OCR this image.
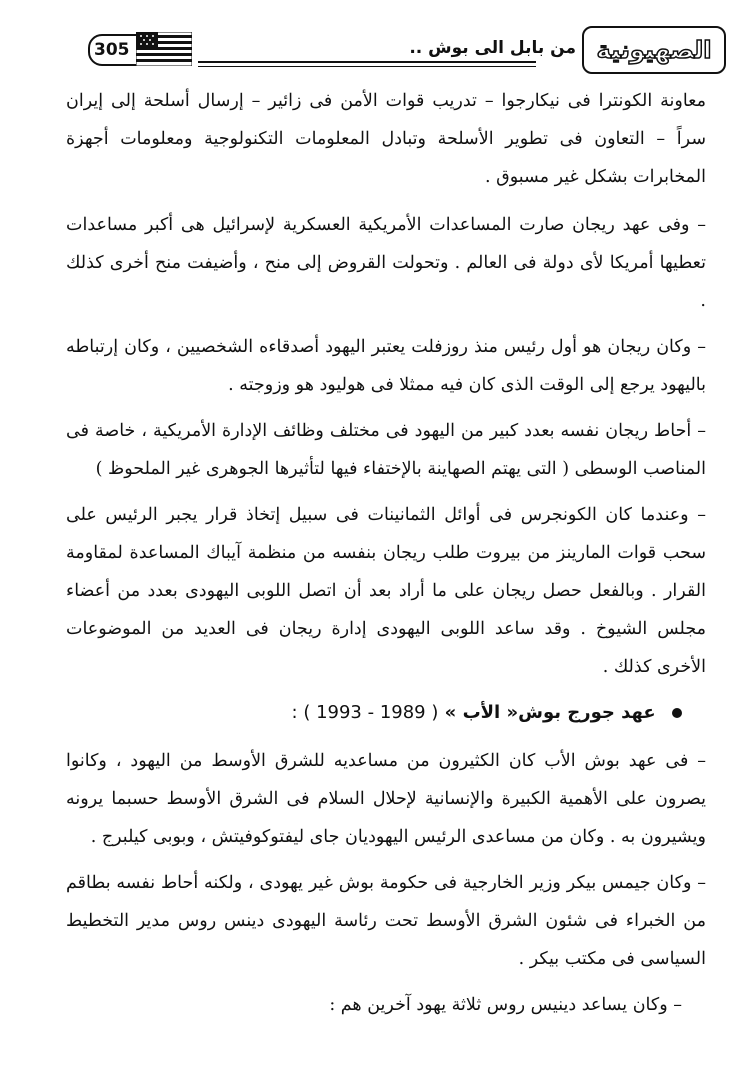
305	من بابل الى بوش .. الصهيونية

معاونة الكونترا فى نيكارجوا – تدريب قوات الأمن فى زائير – إرسال أسلحة إلى إيران سراً – التعاون فى تطوير الأسلحة وتبادل المعلومات التكنولوجية ومعلومات أجهزة المخابرات بشكل غير مسبوق .

– وفى عهد ريجان صارت المساعدات الأمريكية العسكرية لإسرائيل هى أكبر مساعدات تعطيها أمريكا لأى دولة فى العالم . وتحولت القروض إلى منح ، وأضيفت منح أخرى كذلك .

– وكان ريجان هو أول رئيس منذ روزفلت يعتبر اليهود أصدقاءه الشخصيين ، وكان إرتباطه باليهود يرجع إلى الوقت الذى كان فيه ممثلا فى هوليود هو وزوجته .

– أحاط ريجان نفسه بعدد كبير من اليهود فى مختلف وظائف الإدارة الأمريكية ، خاصة فى المناصب الوسطى ( التى يهتم الصهاينة بالإختفاء فيها لتأثيرها الجوهرى غير الملحوظ )

– وعندما كان الكونجرس فى أوائل الثمانينات فى سبيل إتخاذ قرار يجبر الرئيس على سحب قوات المارينز من بيروت طلب ريجان بنفسه من منظمة آيباك المساعدة لمقاومة القرار . وبالفعل حصل ريجان على ما أراد بعد أن اتصل اللوبى اليهودى بعدد من أعضاء مجلس الشيوخ . وقد ساعد اللوبى اليهودى إدارة ريجان فى العديد من الموضوعات الأخرى كذلك .

عهد جورج بوش« الأب » ( 1989 - 1993 ) :

– فى عهد بوش الأب كان الكثيرون من مساعديه للشرق الأوسط من اليهود ، وكانوا يصرون على الأهمية الكبيرة والإنسانية لإحلال السلام فى الشرق الأوسط حسبما يرونه ويشيرون به . وكان من مساعدى الرئيس اليهوديان جاى ليفتوكوفيتش ، وبوبى كيلبرج .

– وكان جيمس بيكر وزير الخارجية فى حكومة بوش غير يهودى ، ولكنه أحاط نفسه بطاقم من الخبراء فى شئون الشرق الأوسط تحت رئاسة اليهودى دينس روس مدير التخطيط السياسى فى مكتب بيكر .

– وكان يساعد دينيس روس ثلاثة يهود آخرين هم :
